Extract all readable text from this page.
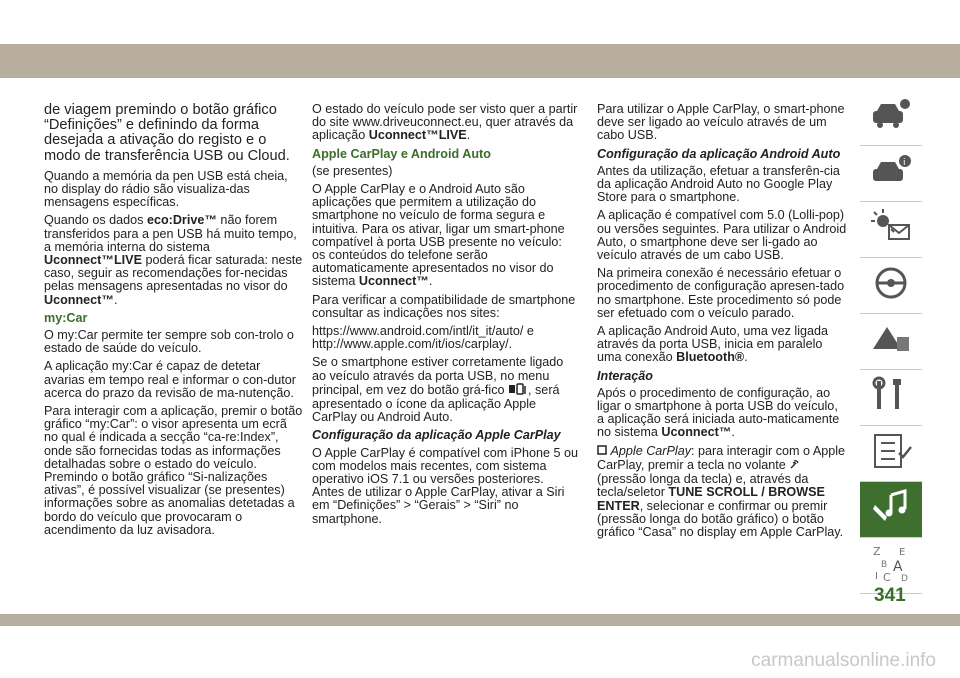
de viagem premindo o botão gráfico “Definições” e definindo da forma desejada a ativação do registo e o modo de transferência USB ou Cloud.

Quando a memória da pen USB está cheia, no display do rádio são visualiza-das mensagens específicas.

Quando os dados eco:Drive™ não forem transferidos para a pen USB há muito tempo, a memória interna do sistema Uconnect™LIVE poderá ficar saturada: neste caso, seguir as recomendações for-necidas pelas mensagens apresentadas no visor do Uconnect™.

my:Car

O my:Car permite ter sempre sob con-trolo o estado de saúde do veículo.

A aplicação my:Car é capaz de detetar avarias em tempo real e informar o con-dutor acerca do prazo da revisão de ma-nutenção.

Para interagir com a aplicação, premir o botão gráfico “my:Car”: o visor apresenta um ecrã no qual é indicada a secção “ca-re:Index”, onde são fornecidas todas as informações detalhadas sobre o estado do veículo. Premindo o botão gráfico “Si-nalizações ativas”, é possível visualizar (se presentes) informações sobre as anomalias detetadas a bordo do veículo que provocaram o acendimento da luz avisadora.

O estado do veículo pode ser visto quer a partir do site www.driveuconnect.eu, quer através da aplicação Uconnect™LIVE.

Apple CarPlay e Android Auto

(se presentes)

O Apple CarPlay e o Android Auto são aplicações que permitem a utilização do smartphone no veículo de forma segura e intuitiva. Para os ativar, ligar um smart-phone compatível à porta USB presente no veículo: os conteúdos do telefone serão automaticamente apresentados no visor do sistema Uconnect™.

Para verificar a compatibilidade de smartphone consultar as indicações nos sites:

https://www.android.com/intl/it_it/auto/ e http://www.apple.com/it/ios/carplay/.

Se o smartphone estiver corretamente ligado ao veículo através da porta USB, no menu principal, em vez do botão grá-fico , será apresentado o ícone da aplicação Apple CarPlay ou Android Auto.

Configuração da aplicação Apple CarPlay

O Apple CarPlay é compatível com iPhone 5 ou com modelos mais recentes, com sistema operativo iOS 7.1 ou versões posteriores. Antes de utilizar o Apple CarPlay, ativar a Siri em “Definições” > “Gerais” > “Siri” no smartphone.

Para utilizar o Apple CarPlay, o smart-phone deve ser ligado ao veículo através de um cabo USB.

Configuração da aplicação Android Auto

Antes da utilização, efetuar a transferên-cia da aplicação Android Auto no Google Play Store para o smartphone.

A aplicação é compatível com 5.0 (Lolli-pop) ou versões seguintes. Para utilizar o Android Auto, o smartphone deve ser li-gado ao veículo através de um cabo USB.

Na primeira conexão é necessário efetuar o procedimento de configuração apresen-tado no smartphone. Este procedimento só pode ser efetuado com o veículo parado.

A aplicação Android Auto, uma vez ligada através da porta USB, inicia em paralelo uma conexão Bluetooth®.

Interação

Após o procedimento de configuração, ao ligar o smartphone à porta USB do veículo, a aplicação será iniciada auto-maticamente no sistema Uconnect™.

Apple CarPlay: para interagir com o Apple CarPlay, premir a tecla no volante (pressão longa da tecla) e, através da tecla/seletor TUNE SCROLL / BROWSE ENTER, selecionar e confirmar ou premir (pressão longa do botão gráfico) o botão gráfico “Casa” no display em Apple CarPlay.

i
Z E
B A
I C D
341
carmanualsonline.info
